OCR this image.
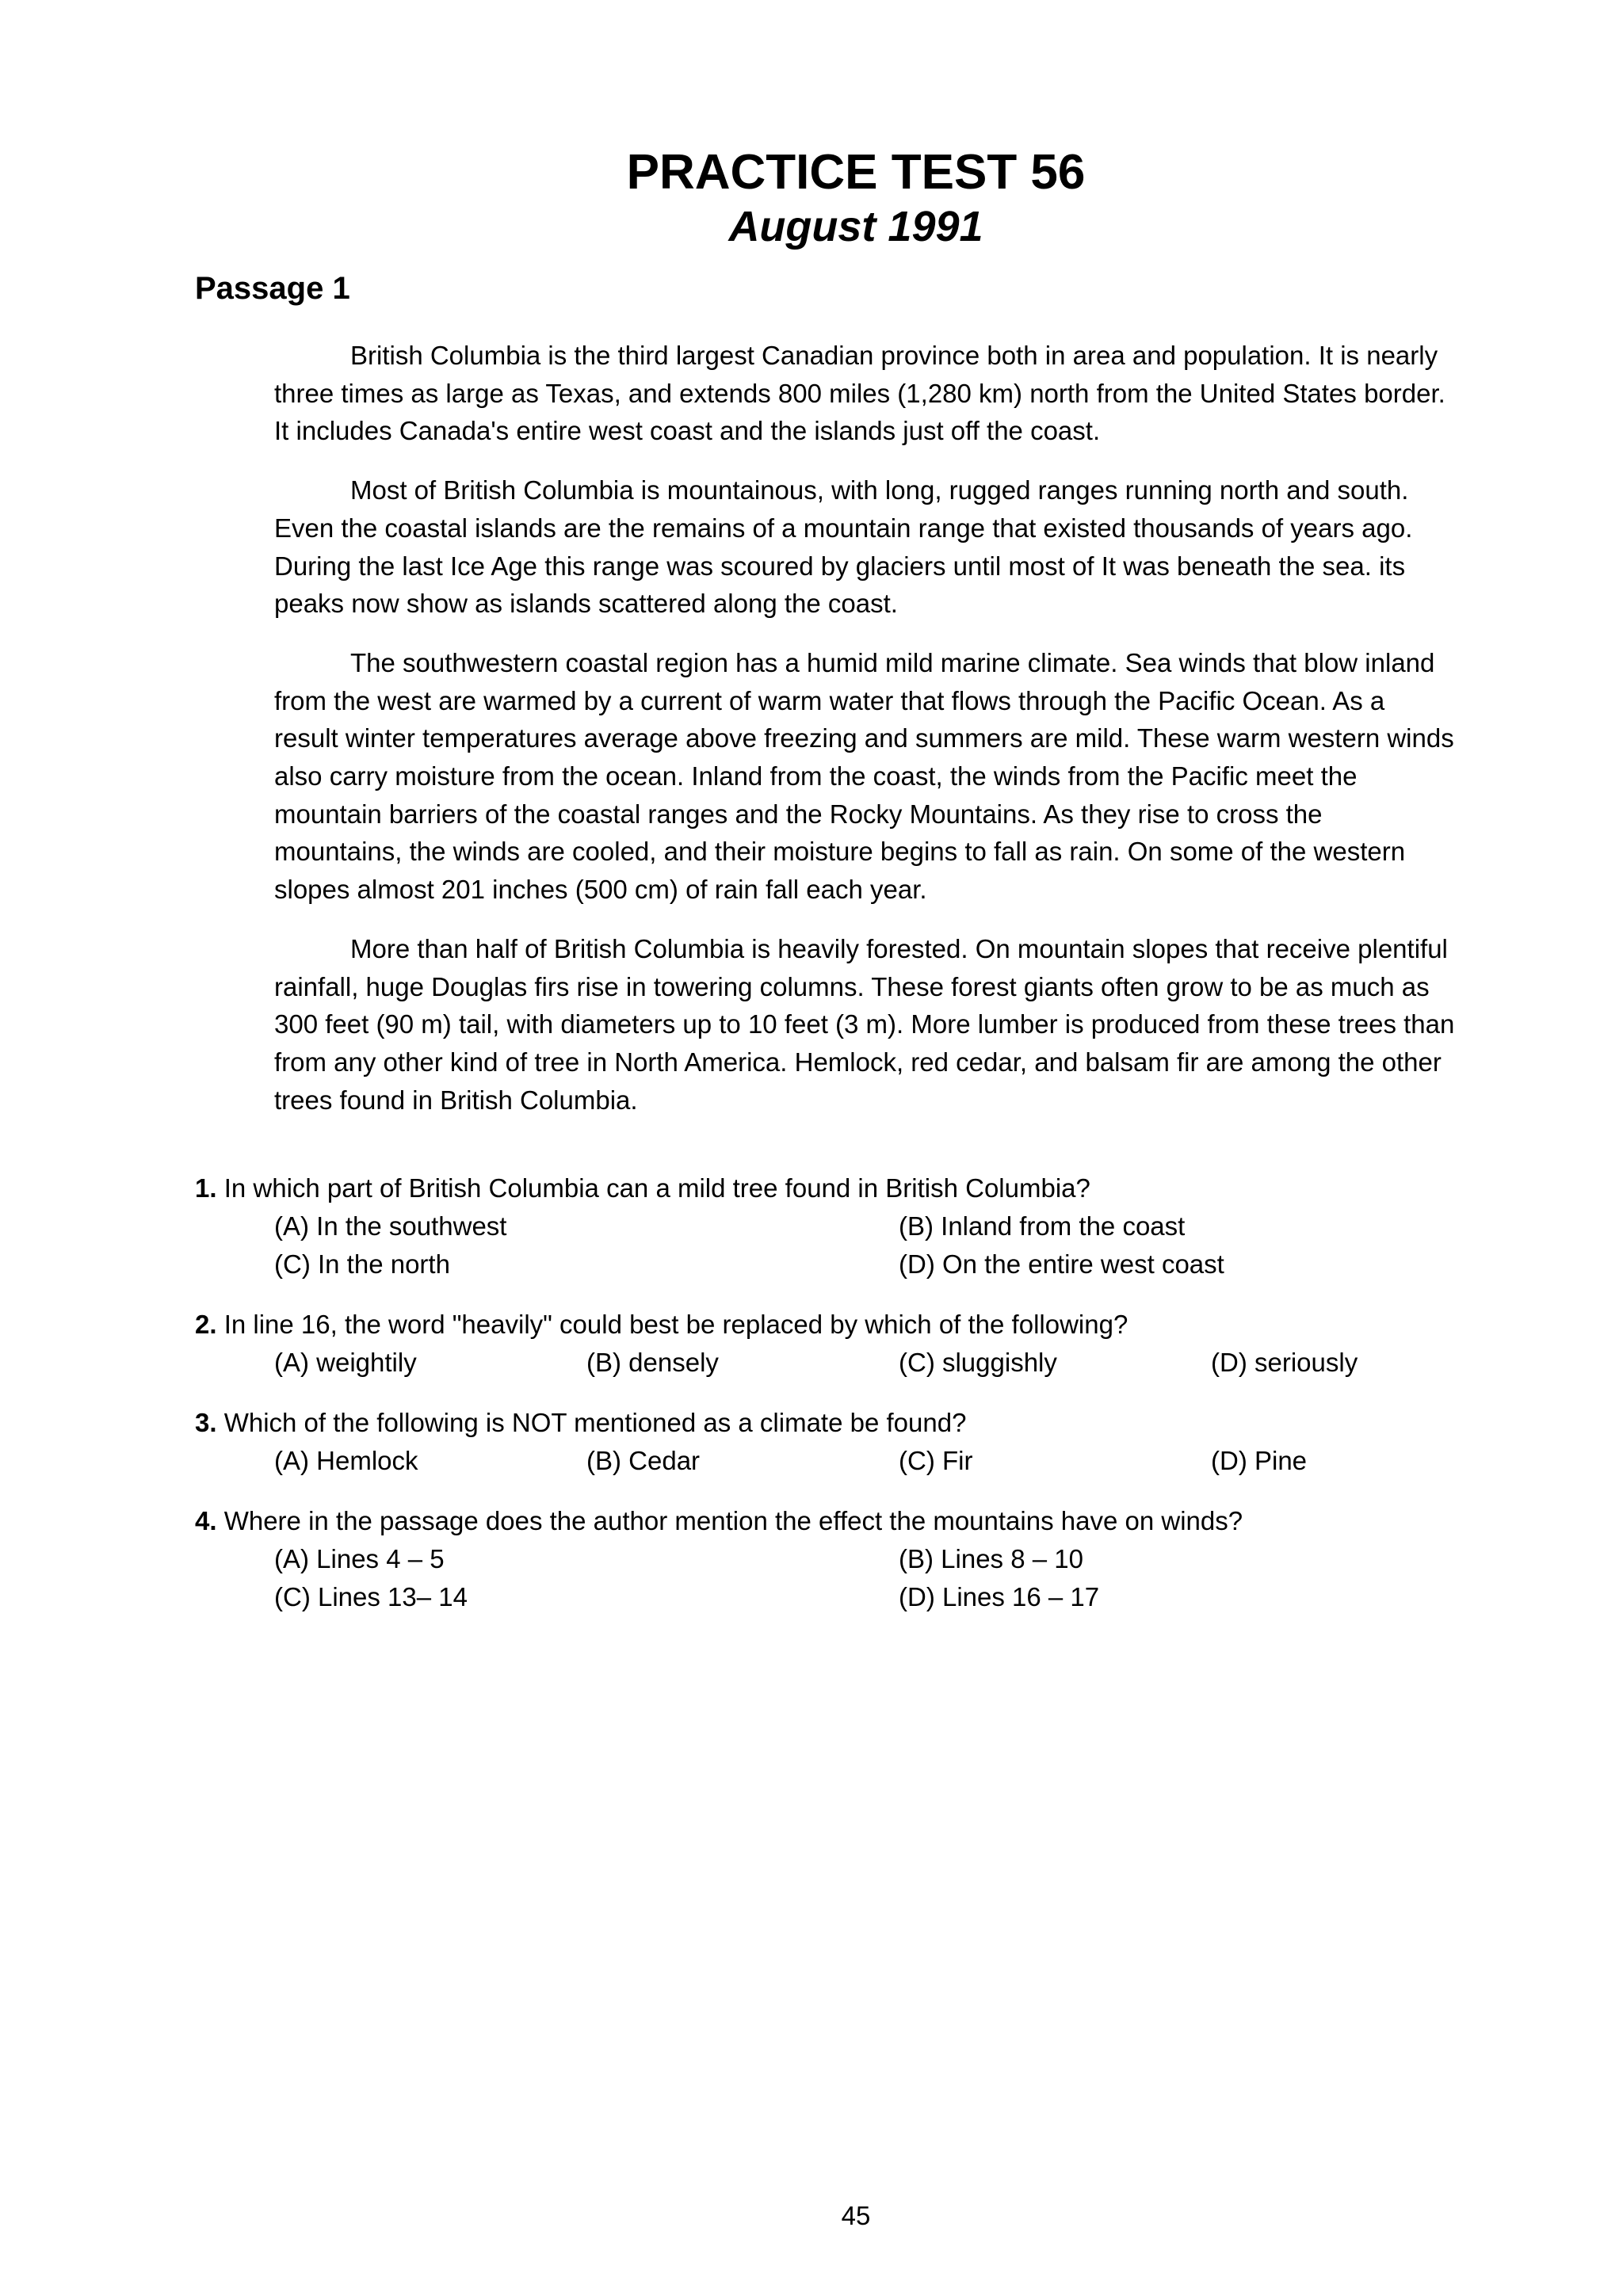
PRACTICE TEST 56
August 1991
Passage 1

British Columbia is the third largest Canadian province both in area and population. It is nearly three times as large as Texas, and extends 800 miles (1,280 km) north from the United States border. It includes Canada's entire west coast and the islands just off the coast.

Most of British Columbia is mountainous, with long, rugged ranges running north and south. Even the coastal islands are the remains of a mountain range that existed thousands of years ago. During the last Ice Age this range was scoured by glaciers until most of It was beneath the sea. its peaks now show as islands scattered along the coast.

The southwestern coastal region has a humid mild marine climate. Sea winds that blow inland from the west are warmed by a current of warm water that flows through the Pacific Ocean. As a result winter temperatures average above freezing and summers are mild. These warm western winds also carry moisture from the ocean. Inland from the coast, the winds from the Pacific meet the mountain barriers of the coastal ranges and the Rocky Mountains. As they rise to cross the mountains, the winds are cooled, and their moisture begins to fall as rain. On some of the western slopes almost 201 inches (500 cm) of rain fall each year.

More than half of British Columbia is heavily forested. On mountain slopes that receive plentiful rainfall, huge Douglas firs rise in towering columns. These forest giants often grow to be as much as 300 feet (90 m) tail, with diameters up to 10 feet (3 m). More lumber is produced from these trees than from any other kind of tree in North America. Hemlock, red cedar, and balsam fir are among the other trees found in British Columbia.

1. In which part of British Columbia can a mild tree found in British Columbia?
(A) In the southwest	(B) Inland from the coast
(C) In the north	(D) On the entire west coast
2. In line 16, the word "heavily" could best be replaced by which of the following?
(A) weightily	(B) densely	(C) sluggishly	(D) seriously
3. Which of the following is NOT mentioned as a climate be found?
(A) Hemlock	(B) Cedar	(C) Fir	(D) Pine
4. Where in the passage does the author mention the effect the mountains have on winds?
(A) Lines 4 – 5	(B) Lines 8 – 10
(C) Lines 13– 14	(D) Lines 16 – 17
45
